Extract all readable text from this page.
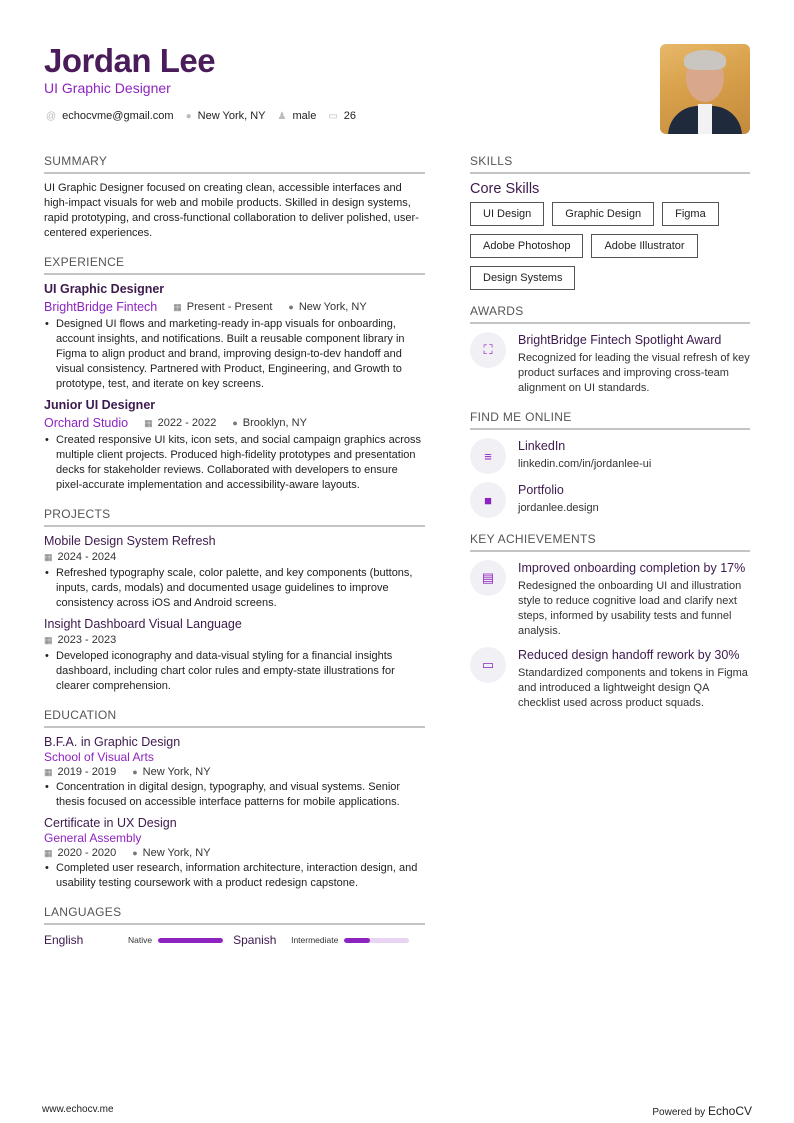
Jordan Lee
UI Graphic Designer
@ echocvme@gmail.com ● New York, NY ♟ male ▭ 26
SUMMARY
UI Graphic Designer focused on creating clean, accessible interfaces and high-impact visuals for web and mobile products. Skilled in design systems, rapid prototyping, and cross-functional collaboration to deliver polished, user-centered experiences.
EXPERIENCE
UI Graphic Designer
BrightBridge Fintech ▦ Present - Present ● New York, NY
• Designed UI flows and marketing-ready in-app visuals for onboarding, account insights, and notifications. Built a reusable component library in Figma to align product and brand, improving design-to-dev handoff and visual consistency. Partnered with Product, Engineering, and Growth to prototype, test, and iterate on key screens.
Junior UI Designer
Orchard Studio ▦ 2022 - 2022 ● Brooklyn, NY
• Created responsive UI kits, icon sets, and social campaign graphics across multiple client projects. Produced high-fidelity prototypes and presentation decks for stakeholder reviews. Collaborated with developers to ensure pixel-accurate implementation and accessibility-aware layouts.
PROJECTS
Mobile Design System Refresh
▦ 2024 - 2024
• Refreshed typography scale, color palette, and key components (buttons, inputs, cards, modals) and documented usage guidelines to improve consistency across iOS and Android screens.
Insight Dashboard Visual Language
▦ 2023 - 2023
• Developed iconography and data-visual styling for a financial insights dashboard, including chart color rules and empty-state illustrations for clearer comprehension.
EDUCATION
B.F.A. in Graphic Design
School of Visual Arts
▦ 2019 - 2019 ● New York, NY
• Concentration in digital design, typography, and visual systems. Senior thesis focused on accessible interface patterns for mobile applications.
Certificate in UX Design
General Assembly
▦ 2020 - 2020 ● New York, NY
• Completed user research, information architecture, interaction design, and usability testing coursework with a product redesign capstone.
LANGUAGES
English	Native	Spanish	Intermediate
SKILLS
Core Skills
UI Design	Graphic Design	Figma
Adobe Photoshop	Adobe Illustrator
Design Systems
AWARDS
⛶
BrightBridge Fintech Spotlight Award
Recognized for leading the visual refresh of key product surfaces and improving cross-team alignment on UI standards.
FIND ME ONLINE
≡
LinkedIn
linkedin.com/in/jordanlee-ui
■
Portfolio
jordanlee.design
KEY ACHIEVEMENTS
▤
Improved onboarding completion by 17%
Redesigned the onboarding UI and illustration style to reduce cognitive load and clarify next steps, informed by usability tests and funnel analysis.
▭
Reduced design handoff rework by 30%
Standardized components and tokens in Figma and introduced a lightweight design QA checklist used across product squads.
www.echocv.me	Powered by EchoCV
